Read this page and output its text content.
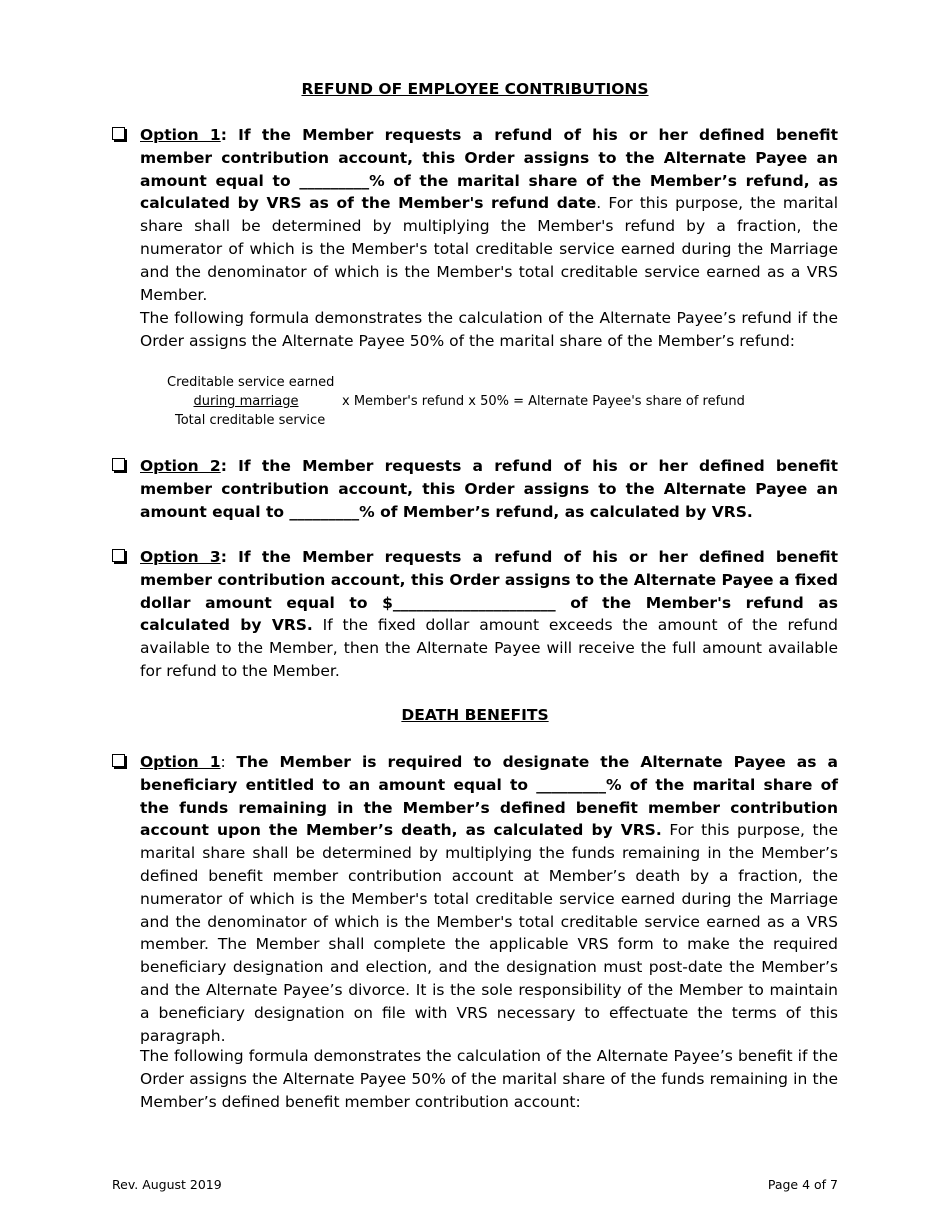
REFUND OF EMPLOYEE CONTRIBUTIONS

Option 1: If the Member requests a refund of his or her defined benefit member contribution account, this Order assigns to the Alternate Payee an amount equal to _________% of the marital share of the Member’s refund, as calculated by VRS as of the Member's refund date. For this purpose, the marital share shall be determined by multiplying the Member's refund by a fraction, the numerator of which is the Member's total creditable service earned during the Marriage and the denominator of which is the Member's total creditable service earned as a VRS Member.

The following formula demonstrates the calculation of the Alternate Payee’s refund if the Order assigns the Alternate Payee 50% of the marital share of the Member’s refund:

Creditable service earned
during marriage
Total creditable service
x Member's refund x 50% = Alternate Payee's share of refund

Option 2: If the Member requests a refund of his or her defined benefit member contribution account, this Order assigns to the Alternate Payee an amount equal to _________% of Member’s refund, as calculated by VRS.

Option 3: If the Member requests a refund of his or her defined benefit member contribution account, this Order assigns to the Alternate Payee a fixed dollar amount equal to $_____________________ of the Member's refund as calculated by VRS. If the fixed dollar amount exceeds the amount of the refund available to the Member, then the Alternate Payee will receive the full amount available for refund to the Member.

DEATH BENEFITS

Option 1: The Member is required to designate the Alternate Payee as a beneficiary entitled to an amount equal to _________% of the marital share of the funds remaining in the Member’s defined benefit member contribution account upon the Member’s death, as calculated by VRS. For this purpose, the marital share shall be determined by multiplying the funds remaining in the Member’s defined benefit member contribution account at Member’s death by a fraction, the numerator of which is the Member's total creditable service earned during the Marriage and the denominator of which is the Member's total creditable service earned as a VRS member. The Member shall complete the applicable VRS form to make the required beneficiary designation and election, and the designation must post-date the Member’s and the Alternate Payee’s divorce. It is the sole responsibility of the Member to maintain a beneficiary designation on file with VRS necessary to effectuate the terms of this paragraph.

The following formula demonstrates the calculation of the Alternate Payee’s benefit if the Order assigns the Alternate Payee 50% of the marital share of the funds remaining in the Member’s defined benefit member contribution account:

Rev. August 2019	Page 4 of 7
